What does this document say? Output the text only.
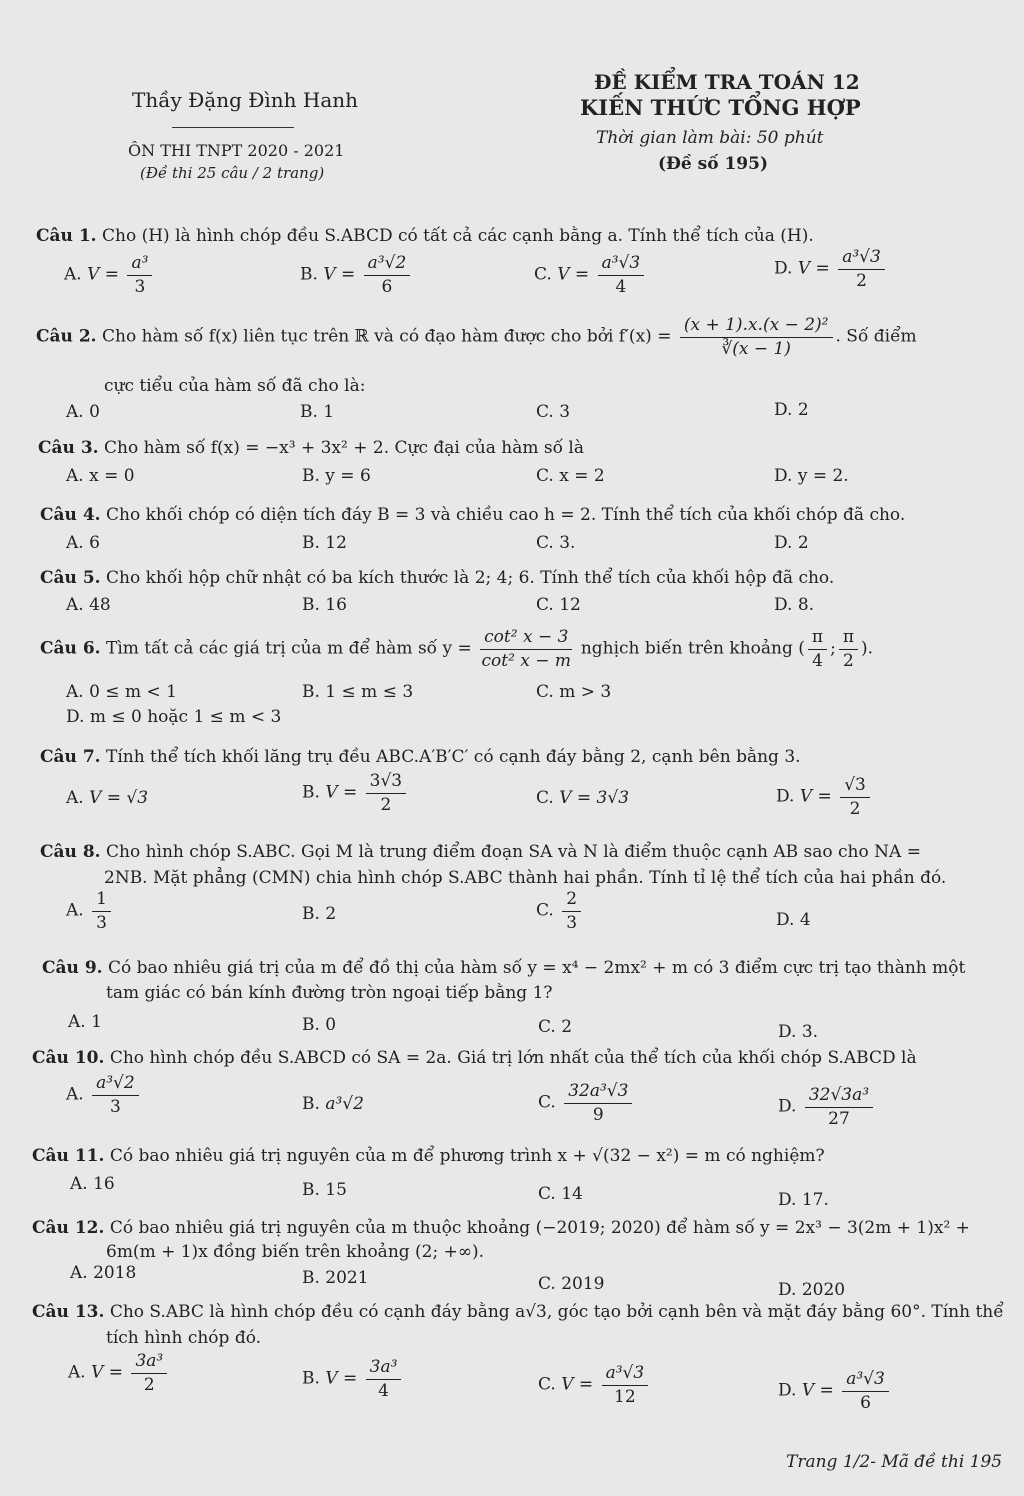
Thầy Đặng Đình Hanh
ÔN THI TNPT 2020 - 2021
(Đề thi 25 câu / 2 trang)
ĐỀ KIỂM TRA TOÁN 12
KIẾN THỨC TỔNG HỢP
Thời gian làm bài: 50 phút
(Đề số 195)
Câu 1. Cho (H) là hình chóp đều S.ABCD có tất cả các cạnh bằng a. Tính thể tích của (H).
A. $V = \frac{\text{a³}}{3}$	B. $V = \frac{\text{a³√2}}{6}$	C. $V = \frac{\text{a³√3}}{4}$	D. $V = \frac{\text{a³√3}}{2}$
Câu 2. Cho hàm số f(x) liên tục trên ℝ và có đạo hàm được cho bởi $f'(x) = \frac{\text{(x + 1).x.(x − 2)²}}{∛(x - 1)}$ . Số điểm
cực tiểu của hàm số đã cho là:
A. 0	B. 1	C. 3	D. 2
Câu 3. Cho hàm số f(x) = −x³ + 3x² + 2. Cực đại của hàm số là
A. x = 0	B. y = 6	C. x = 2	D. y = 2.
Câu 4. Cho khối chóp có diện tích đáy B = 3 và chiều cao h = 2. Tính thể tích của khối chóp đã cho.
A. 6	B. 12	C. 3.	D. 2
Câu 5. Cho khối hộp chữ nhật có ba kích thước là 2; 4; 6. Tính thể tích của khối hộp đã cho.
A. 48	B. 16	C. 12	D. 8.
Câu 6. Tìm tất cả các giá trị của m để hàm số $y = \frac{\text{cot² x − 3}}{\text{cot² x − m}}$ nghịch biến trên khoảng ( $\frac{\pi}{4}$ ; $\frac{\pi}{2}$ ).
A. 0 ≤ m < 1	B. 1 ≤ m ≤ 3	C. m > 3
D. m ≤ 0 hoặc 1 ≤ m < 3
Câu 7. Tính thể tích khối lăng trụ đều ABC.A′B′C′ có cạnh đáy bằng 2, cạnh bên bằng 3.
A. V = √3	B. $V = \frac{3√3}{2}$	C. V = 3√3	D. $V = \frac{√3}{2}$
Câu 8. Cho hình chóp S.ABC. Gọi M là trung điểm đoạn SA và N là điểm thuộc cạnh AB sao cho NA =
2NB. Mặt phẳng (CMN) chia hình chóp S.ABC thành hai phần. Tính tỉ lệ thể tích của hai phần đó.
A. $\frac{1}{3}$	B. 2	C. $\frac{2}{3}$	D. 4
Câu 9. Có bao nhiêu giá trị của m để đồ thị của hàm số y = x⁴ − 2mx² + m có 3 điểm cực trị tạo thành một
tam giác có bán kính đường tròn ngoại tiếp bằng 1?
A. 1	B. 0	C. 2	D. 3.
Câu 10. Cho hình chóp đều S.ABCD có SA = 2a. Giá trị lớn nhất của thể tích của khối chóp S.ABCD là
A. $\frac{\text{a³√2}}{3}$	B. a³√2	C. $\frac{\text{32a³√3}}{9}$	D. $\frac{\text{32√3a³}}{27}$
Câu 11. Có bao nhiêu giá trị nguyên của m để phương trình x + √(32 − x²) = m có nghiệm?
A. 16	B. 15	C. 14	D. 17.
Câu 12. Có bao nhiêu giá trị nguyên của m thuộc khoảng (−2019; 2020) để hàm số y = 2x³ − 3(2m + 1)x² +
6m(m + 1)x đồng biến trên khoảng (2; +∞).
A. 2018	B. 2021	C. 2019	D. 2020
Câu 13. Cho S.ABC là hình chóp đều có cạnh đáy bằng a√3, góc tạo bởi cạnh bên và mặt đáy bằng 60°. Tính thể
tích hình chóp đó.
A. $V = \frac{\text{3a³}}{2}$	B. $V = \frac{\text{3a³}}{4}$	C. $V = \frac{\text{a³√3}}{12}$	D. $V = \frac{\text{a³√3}}{6}$
Trang 1/2- Mã đề thi 195
